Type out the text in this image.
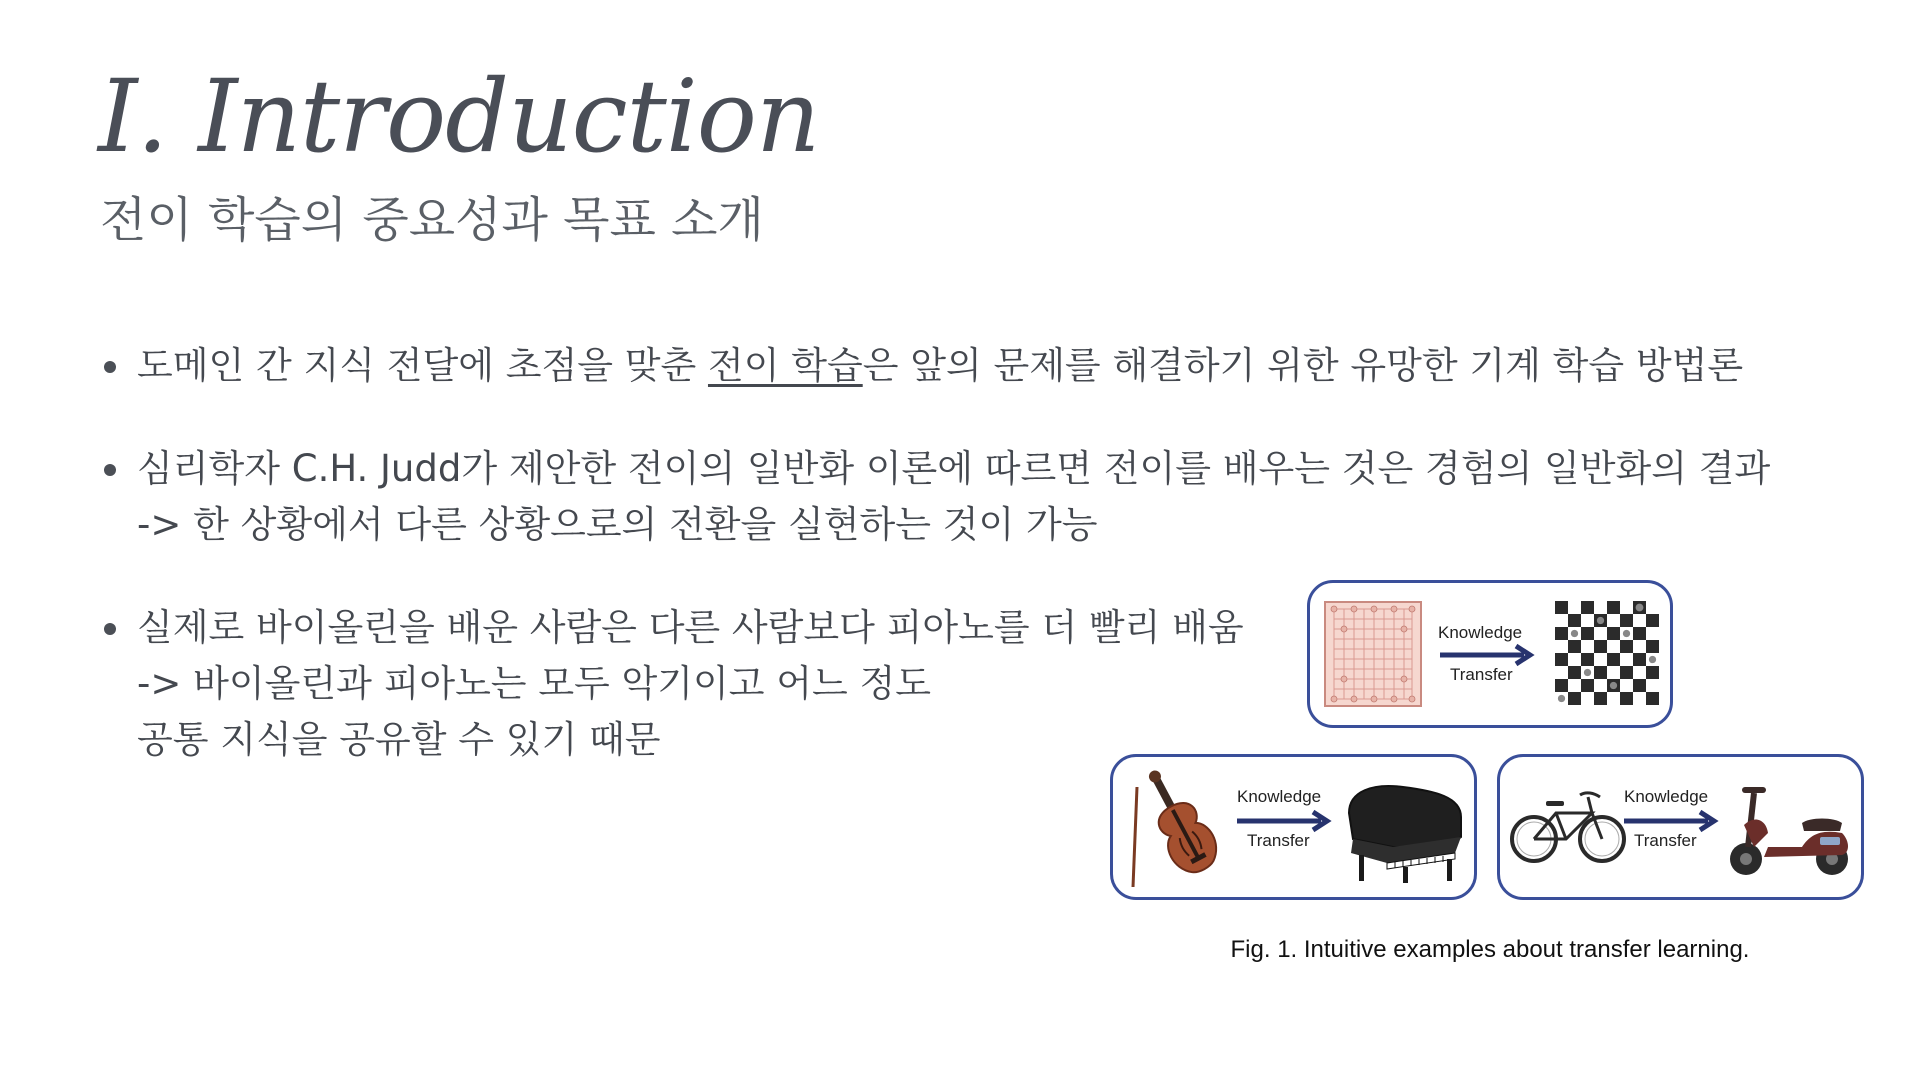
I. Introduction
전이 학습의 중요성과 목표 소개
도메인 간 지식 전달에 초점을 맞춘 전이 학습은 앞의 문제를 해결하기 위한 유망한 기계 학습 방법론
심리학자 C.H. Judd가 제안한 전이의 일반화 이론에 따르면 전이를 배우는 것은 경험의 일반화의 결과
-> 한 상황에서 다른 상황으로의 전환을 실현하는 것이 가능
실제로 바이올린을 배운 사람은 다른 사람보다 피아노를 더 빨리 배움
-> 바이올린과 피아노는 모두 악기이고 어느 정도
공통 지식을 공유할 수 있기 때문
Knowledge
Transfer
Knowledge
Transfer
Knowledge
Transfer
Fig. 1. Intuitive examples about transfer learning.
